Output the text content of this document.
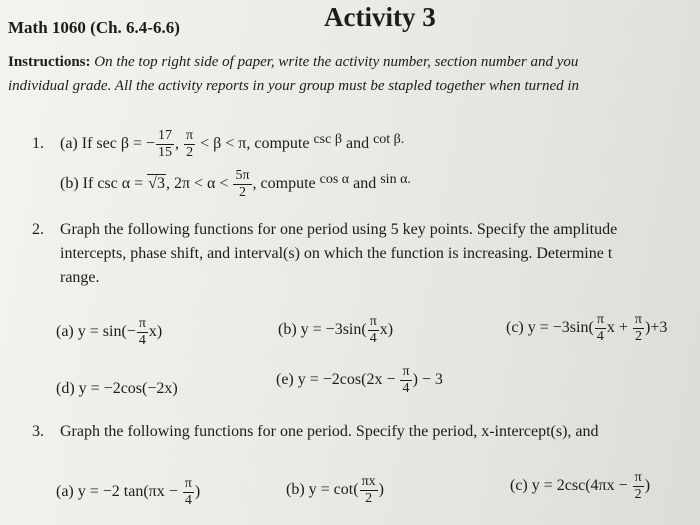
Math 1060 (Ch. 6.4-6.6)	Activity 3
Instructions: On the top right side of paper, write the activity number, section number and you
individual grade. All the activity reports in your group must be stapled together when turned in
1. (a) If sec β = − $\frac{17}{15}$ , $\frac{\pi}{2} < \beta < \pi$, compute csc β and cot β.
(b) If csc α = √3, $2\pi < \alpha < \frac{5\pi}{2}$ , compute cos α and sin α.
2. Graph the following functions for one period using 5 key points. Specify the amplitude
intercepts, phase shift, and interval(s) on which the function is increasing. Determine t
range.
(a) $y = \sin(- \frac{\pi}{4} x)$	(b) $y = -3\sin( \frac{\pi}{4} x)$	(c) $y = -3\sin( \frac{\pi}{4}$ $x + \frac{\pi}{2} )+3$
(d) y = −2cos(−2x)
(e) $y = -2\cos(2x - \frac{\pi}{4}$ ) − 3
3. Graph the following functions for one period. Specify the period, x-intercept(s), and
(a) y = −2 $\tan(\pi x - \frac{\pi}{4}$ )	(b) $y = \cot( \frac{\pi x}{2}$ )	(c) $y = 2\csc(4\pi x - \frac{\pi}{2}$ )
